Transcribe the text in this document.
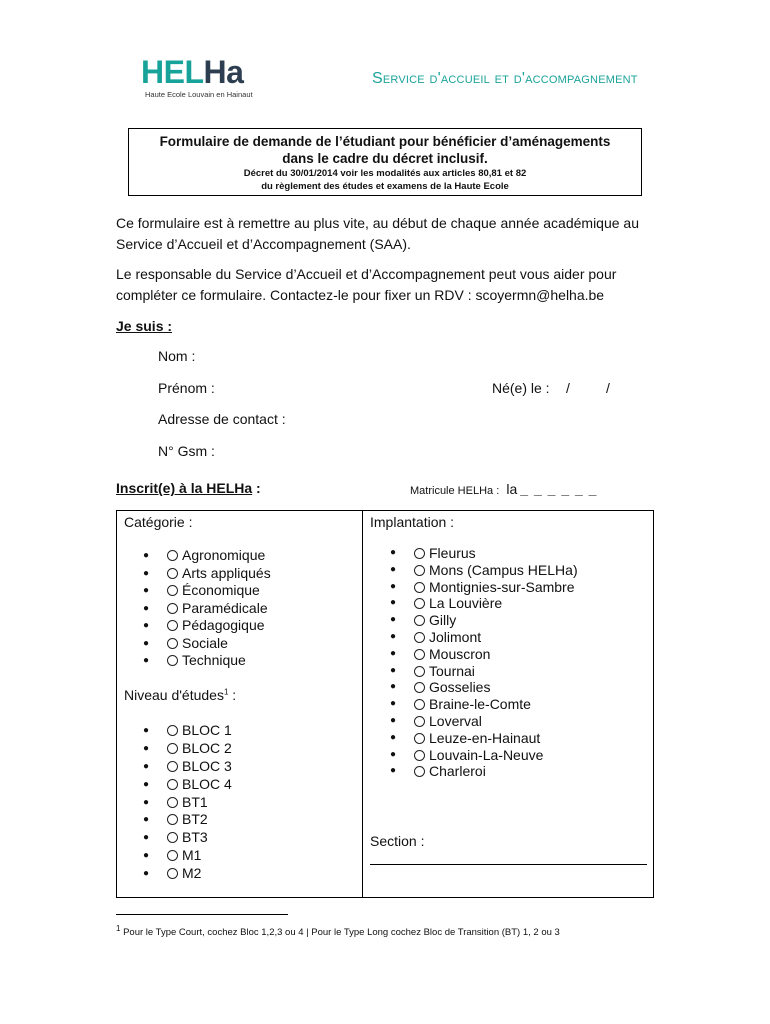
HELHa
Haute Ecole Louvain en Hainaut
Service d'accueil et d'accompagnement
Formulaire de demande de l’étudiant pour bénéficier d’aménagements
dans le cadre du décret inclusif.
Décret du 30/01/2014 voir les modalités aux articles 80,81 et 82
du règlement des études et examens de la Haute Ecole
Ce formulaire est à remettre au plus vite, au début de chaque année académique au Service d’Accueil et d’Accompagnement (SAA).
Le responsable du Service d’Accueil et d’Accompagnement peut vous aider pour compléter ce formulaire. Contactez-le pour fixer un RDV : scoyermn@helha.be
Je suis :
Nom :
Prénom :	Né(e) le : /	/
Adresse de contact :
N° Gsm :
Inscrit(e) à la HELHa :	Matricule HELHa : la _ _ _ _ _ _
Catégorie :
● Agronomique
● Arts appliqués
● Économique
● Paramédicale
● Pédagogique
● Sociale
● Technique
Niveau d'études$^1$ :
● BLOC 1
● BLOC 2
● BLOC 3
● BLOC 4
● BT1
● BT2
● BT3
● M1
● M2
Implantation :
● Fleurus
● Mons (Campus HELHa)
● Montignies-sur-Sambre
● La Louvière
● Gilly
● Jolimont
● Mouscron
● Tournai
● Gosselies
● Braine-le-Comte
● Loverval
● Leuze-en-Hainaut
● Louvain-La-Neuve
● Charleroi
Section :
$^1$ Pour le Type Court, cochez Bloc 1,2,3 ou 4 | Pour le Type Long cochez Bloc de Transition (BT) 1, 2 ou 3
